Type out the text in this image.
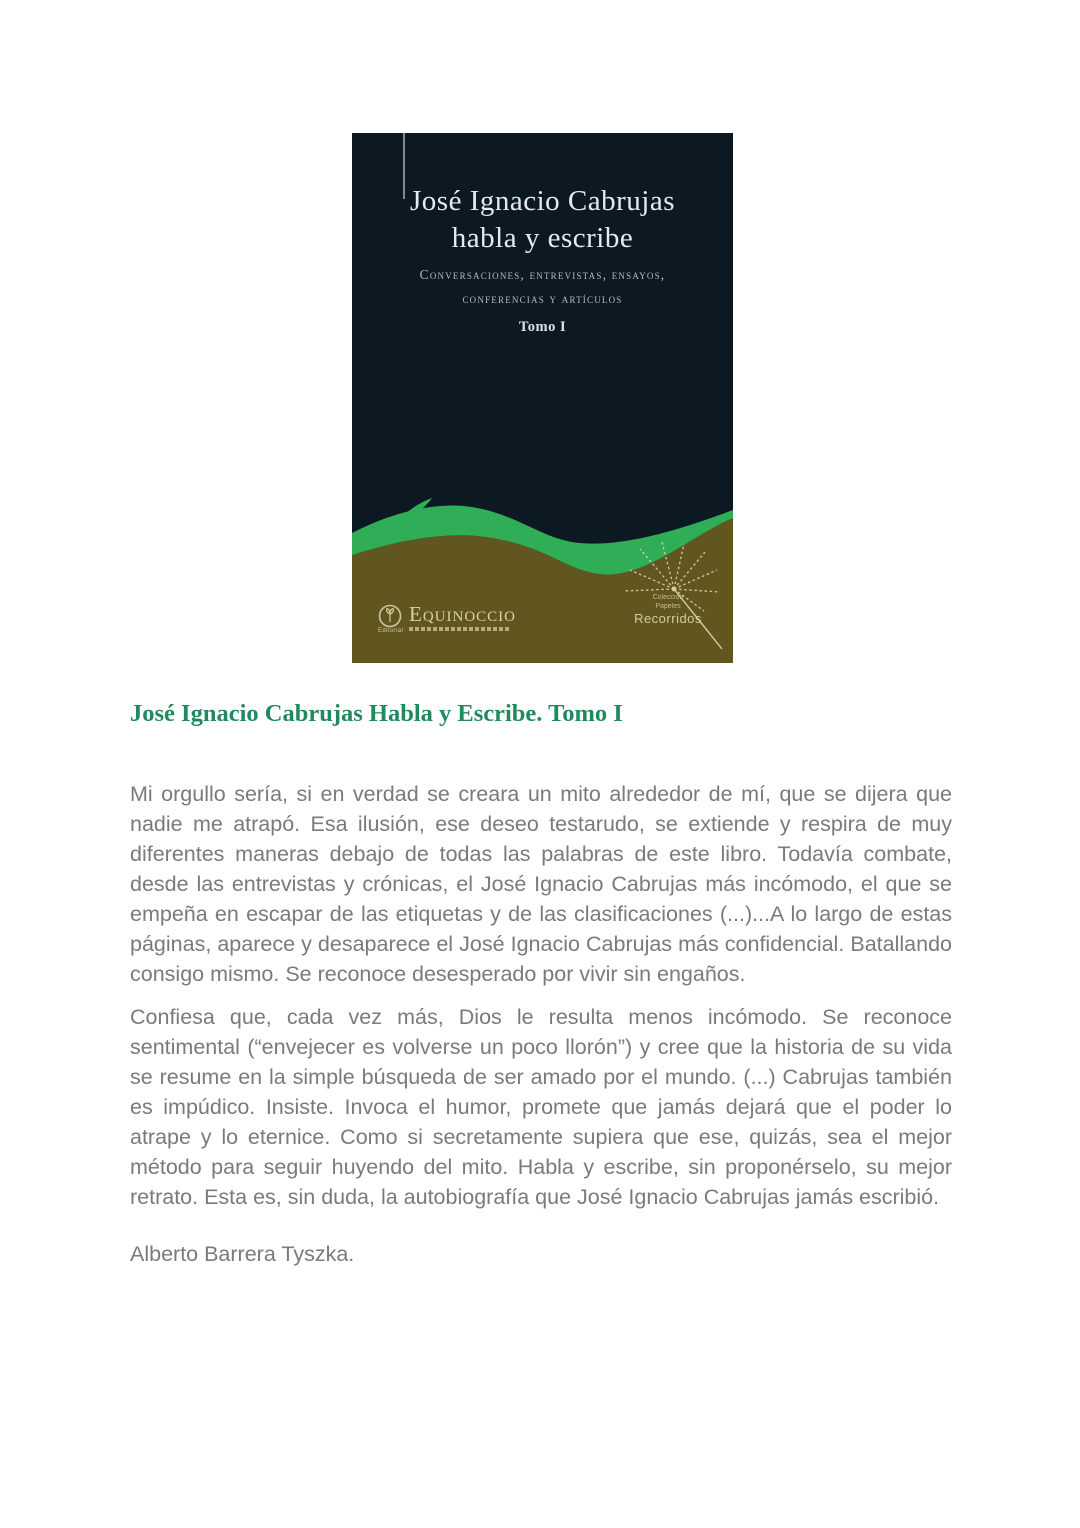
José Ignacio Cabrujas
habla y escribe
Conversaciones, entrevistas, ensayos,
conferencias y artículos
Tomo I
Editorial
Equinoccio
Colección
Papeles
Recorridos
José Ignacio Cabrujas Habla y Escribe. Tomo I

Mi orgullo sería, si en verdad se creara un mito alrededor de mí, que se dijera que nadie me atrapó. Esa ilusión, ese deseo testarudo, se extiende y respira de muy diferentes maneras debajo de todas las palabras de este libro. Todavía combate, desde las entrevistas y crónicas, el José Ignacio Cabrujas más incómodo, el que se empeña en escapar de las etiquetas y de las clasificaciones (...)...A lo largo de estas páginas, aparece y desaparece el José Ignacio Cabrujas más confidencial. Batallando consigo mismo. Se reconoce desesperado por vivir sin engaños.

Confiesa que, cada vez más, Dios le resulta menos incómodo. Se reconoce sentimental (“envejecer es volverse un poco llorón”) y cree que la historia de su vida se resume en la simple búsqueda de ser amado por el mundo. (...) Cabrujas también es impúdico. Insiste. Invoca el humor, promete que jamás dejará que el poder lo atrape y lo eternice. Como si secretamente supiera que ese, quizás, sea el mejor método para seguir huyendo del mito. Habla y escribe, sin proponérselo, su mejor retrato. Esta es, sin duda, la autobiografía que José Ignacio Cabrujas jamás escribió.

Alberto Barrera Tyszka.
